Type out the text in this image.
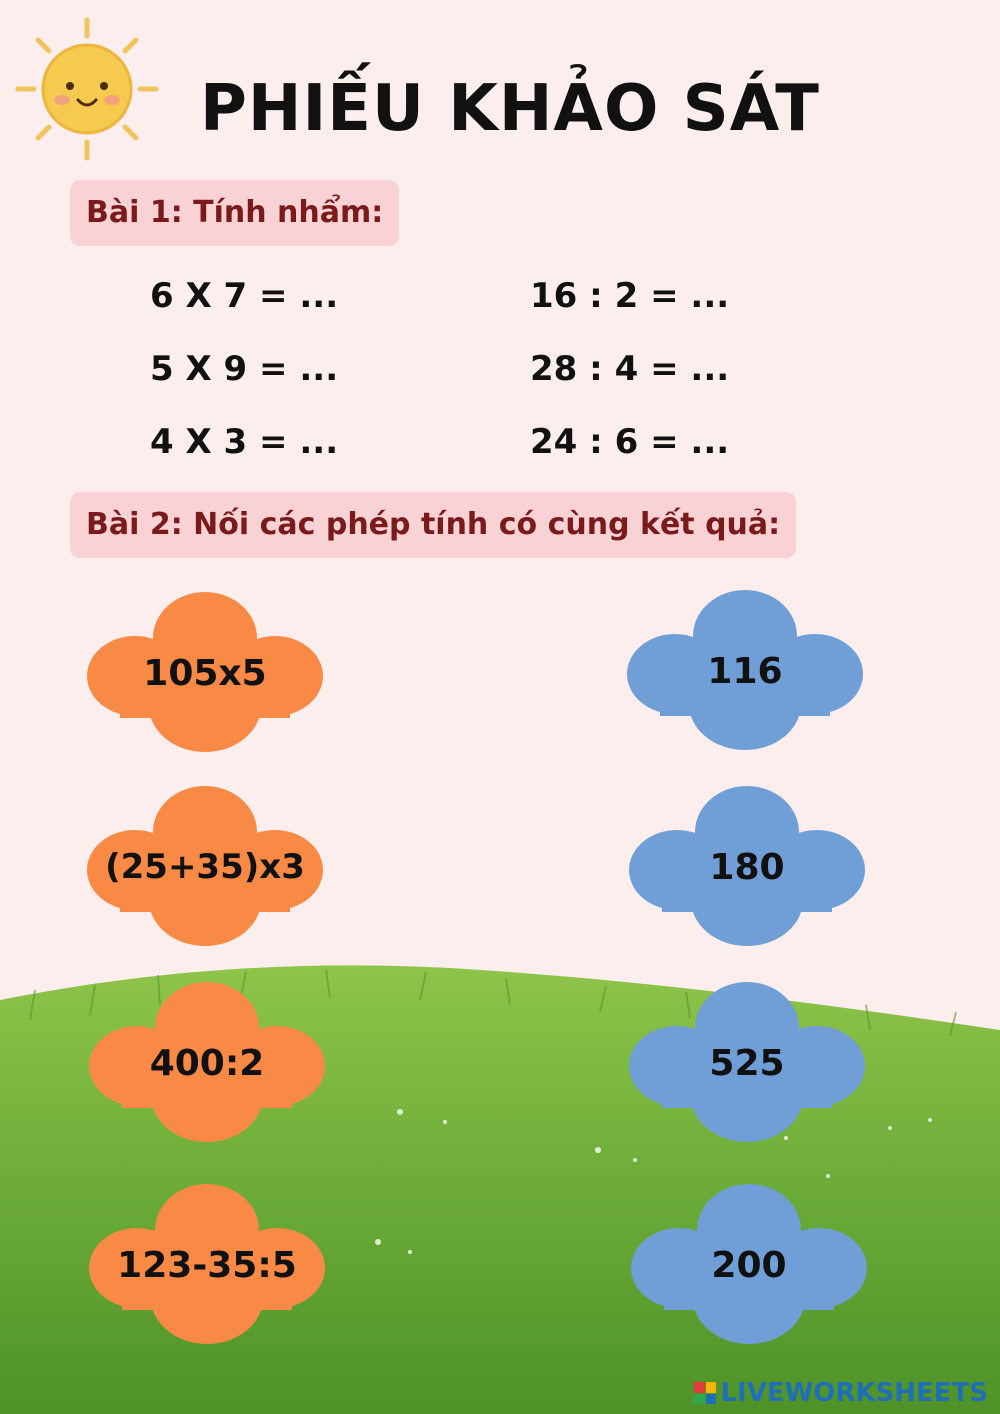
PHIẾU KHẢO SÁT
Bài 1: Tính nhẩm:
6 X 7 = ...
5 X 9 = ...
4 X 3 = ...
16 : 2 = ...
28 : 4 = ...
24 : 6 = ...
Bài 2: Nối các phép tính có cùng kết quả:
105x5
(25+35)x3
400:2
123-35:5
116
180
525
200
LIVEWORKSHEETS
